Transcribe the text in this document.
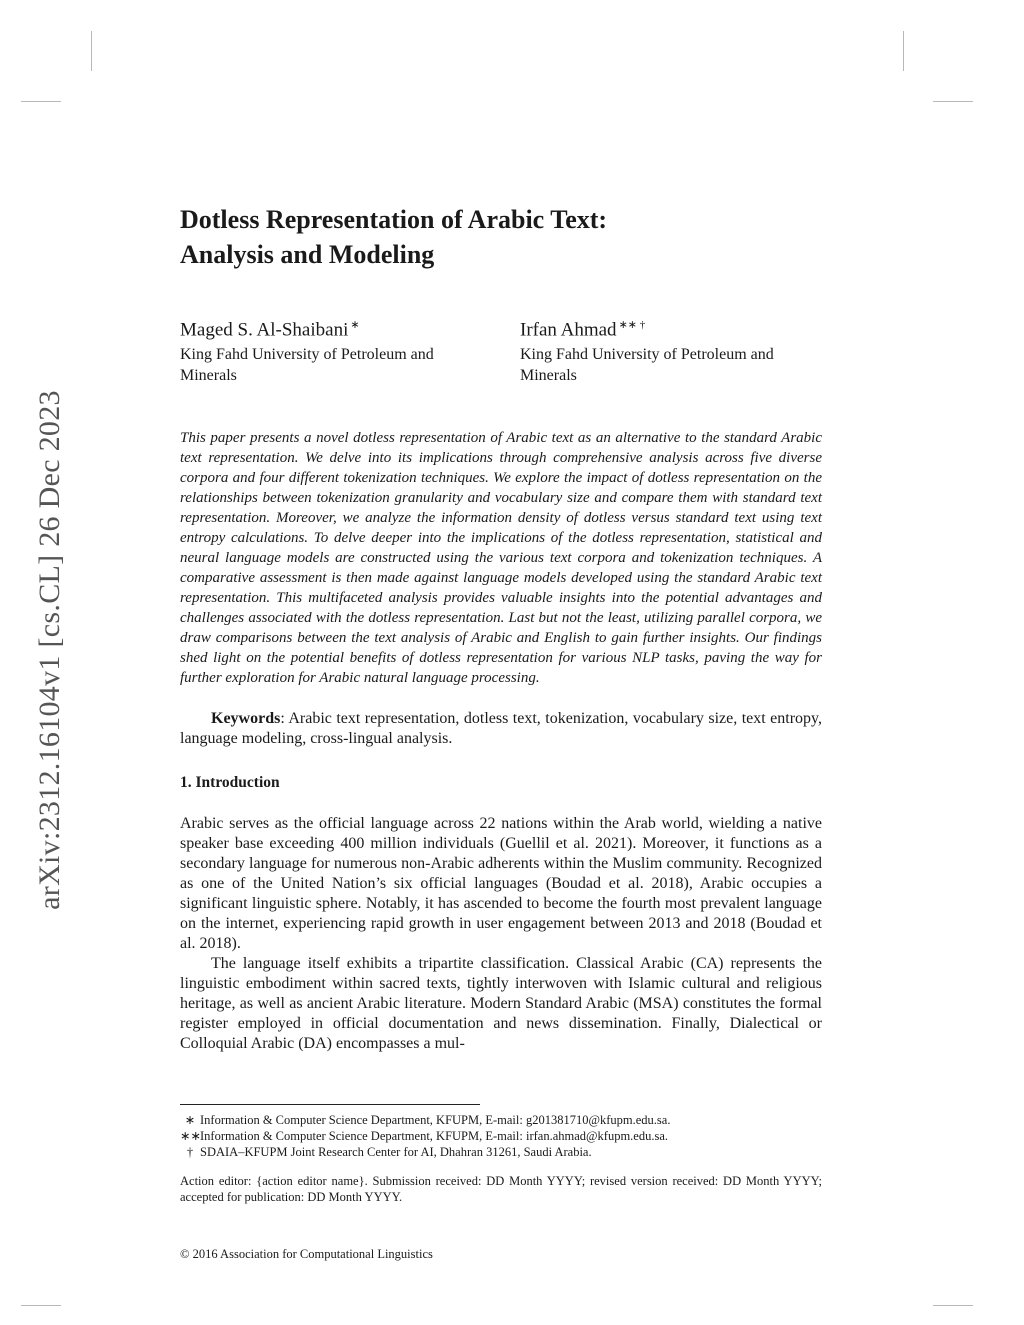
arXiv:2312.16104v1 [cs.CL] 26 Dec 2023
Dotless Representation of Arabic Text:
Analysis and Modeling
Maged S. Al-Shaibani ∗
King Fahd University of Petroleum and Minerals
Irfan Ahmad ∗∗ †
King Fahd University of Petroleum and Minerals
This paper presents a novel dotless representation of Arabic text as an alternative to the standard Arabic text representation. We delve into its implications through comprehensive analysis across five diverse corpora and four different tokenization techniques. We explore the impact of dotless representation on the relationships between tokenization granularity and vocabulary size and compare them with standard text representation. Moreover, we analyze the information density of dotless versus standard text using text entropy calculations. To delve deeper into the implications of the dotless representation, statistical and neural language models are constructed using the various text corpora and tokenization techniques. A comparative assessment is then made against language models developed using the standard Arabic text representation. This multifaceted analysis provides valuable insights into the potential advantages and challenges associated with the dotless representation. Last but not the least, utilizing parallel corpora, we draw comparisons between the text analysis of Arabic and English to gain further insights. Our findings shed light on the potential benefits of dotless representation for various NLP tasks, paving the way for further exploration for Arabic natural language processing.
Keywords: Arabic text representation, dotless text, tokenization, vocabulary size, text entropy, language modeling, cross-lingual analysis.
1. Introduction

Arabic serves as the official language across 22 nations within the Arab world, wielding a native speaker base exceeding 400 million individuals (Guellil et al. 2021). Moreover, it functions as a secondary language for numerous non-Arabic adherents within the Muslim community. Recognized as one of the United Nation’s six official languages (Boudad et al. 2018), Arabic occupies a significant linguistic sphere. Notably, it has ascended to become the fourth most prevalent language on the internet, experiencing rapid growth in user engagement between 2013 and 2018 (Boudad et al. 2018).

The language itself exhibits a tripartite classification. Classical Arabic (CA) represents the linguistic embodiment within sacred texts, tightly interwoven with Islamic cultural and religious heritage, as well as ancient Arabic literature. Modern Standard Arabic (MSA) constitutes the formal register employed in official documentation and news dissemination. Finally, Dialectical or Colloquial Arabic (DA) encompasses a mul-

∗ Information & Computer Science Department, KFUPM, E-mail: g201381710@kfupm.edu.sa.
∗∗Information & Computer Science Department, KFUPM, E-mail: irfan.ahmad@kfupm.edu.sa.
† SDAIA–KFUPM Joint Research Center for AI, Dhahran 31261, Saudi Arabia.
Action editor: {action editor name}. Submission received: DD Month YYYY; revised version received: DD Month YYYY; accepted for publication: DD Month YYYY.
© 2016 Association for Computational Linguistics
